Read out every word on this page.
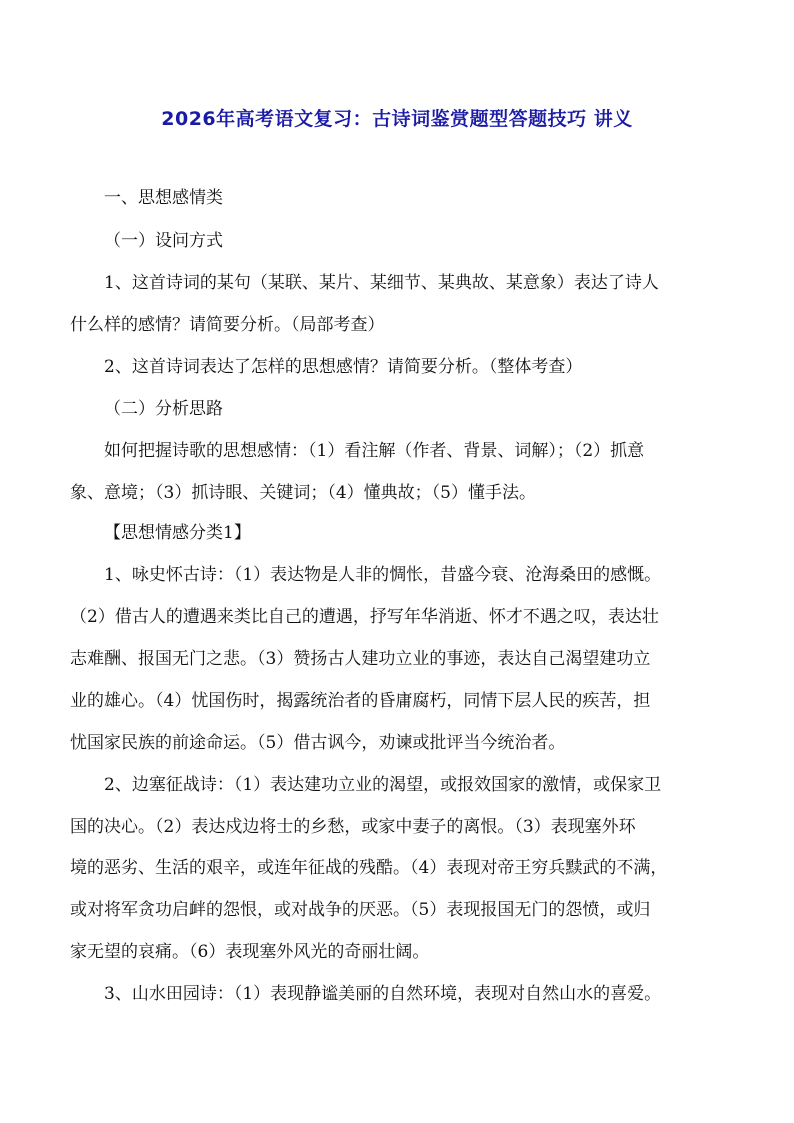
2026年高考语文复习：古诗词鉴赏题型答题技巧 讲义
一、思想感情类
（一）设问方式
1、这首诗词的某句（某联、某片、某细节、某典故、某意象）表达了诗人
什么样的感情？请简要分析。（局部考查）
2、这首诗词表达了怎样的思想感情？请简要分析。（整体考查）
（二）分析思路
如何把握诗歌的思想感情：（1）看注解（作者、背景、词解）；（2）抓意
象、意境；（3）抓诗眼、关键词；（4）懂典故；（5）懂手法。
【思想情感分类1】
1、咏史怀古诗：（1）表达物是人非的惆怅，昔盛今衰、沧海桑田的感慨。
（2）借古人的遭遇来类比自己的遭遇，抒写年华消逝、怀才不遇之叹，表达壮
志难酬、报国无门之悲。（3）赞扬古人建功立业的事迹，表达自己渴望建功立
业的雄心。（4）忧国伤时，揭露统治者的昏庸腐朽，同情下层人民的疾苦，担
忧国家民族的前途命运。（5）借古讽今，劝谏或批评当今统治者。
2、边塞征战诗：（1）表达建功立业的渴望，或报效国家的激情，或保家卫
国的决心。（2）表达戍边将士的乡愁，或家中妻子的离恨。（3）表现塞外环
境的恶劣、生活的艰辛，或连年征战的残酷。（4）表现对帝王穷兵黩武的不满，
或对将军贪功启衅的怨恨，或对战争的厌恶。（5）表现报国无门的怨愤，或归
家无望的哀痛。（6）表现塞外风光的奇丽壮阔。
3、山水田园诗：（1）表现静谧美丽的自然环境，表现对自然山水的喜爱。
